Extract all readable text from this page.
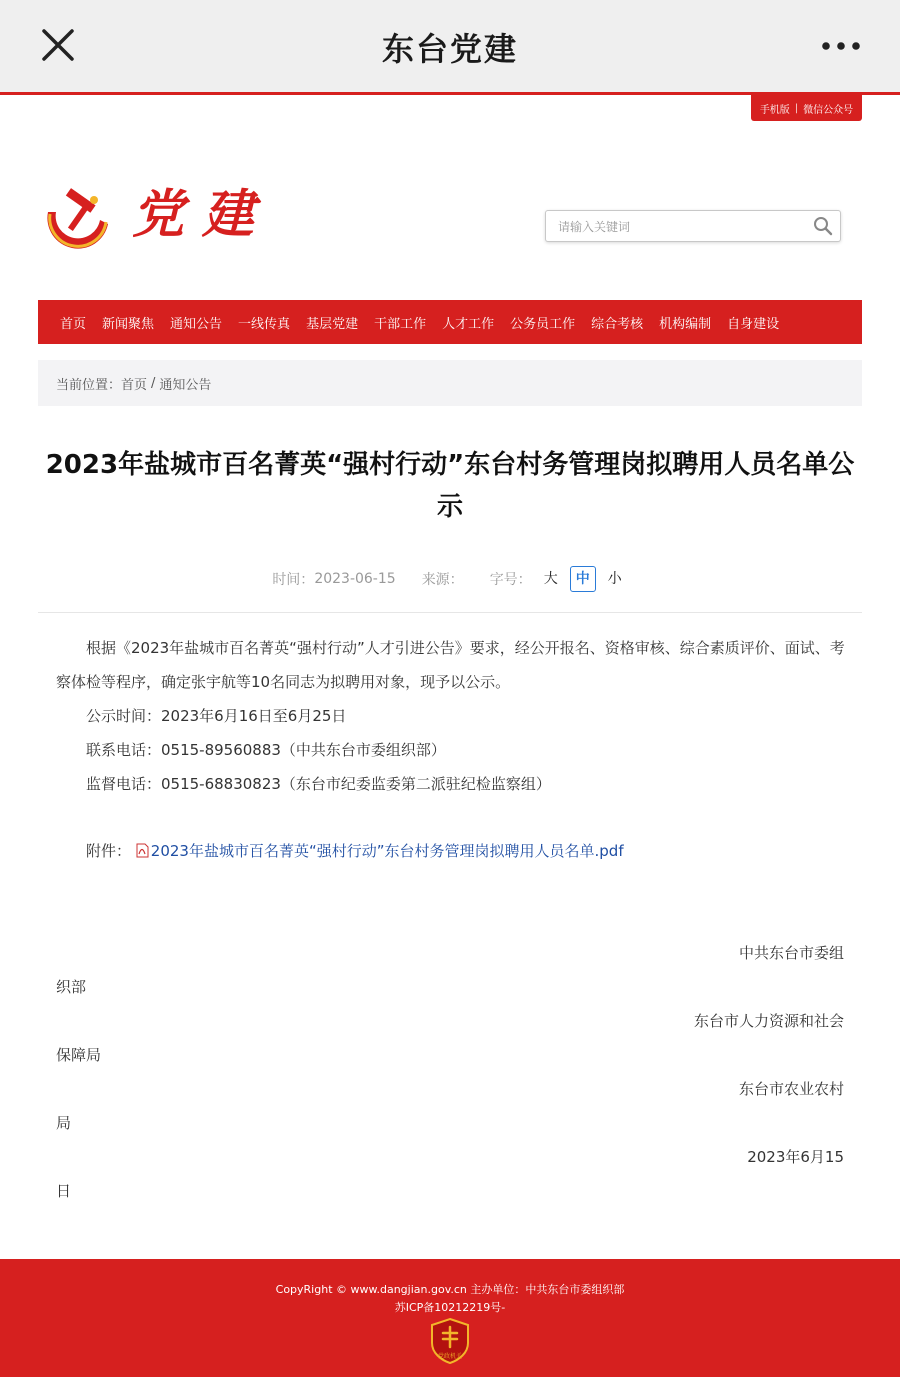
东台党建
手机版 | 微信公众号
党建
请输入关键词
首页 新闻聚焦 通知公告 一线传真 基层党建 干部工作 人才工作 公务员工作 综合考核 机构编制 自身建设
当前位置： 首页 / 通知公告
2023年盐城市百名菁英“强村行动”东台村务管理岗拟聘用人员名单公示
时间： 2023-06-15 来源： 字号： 大	中	小
根据《2023年盐城市百名菁英“强村行动”人才引进公告》要求，经公开报名、资格审核、综合素质评价、面试、考察体检等程序，确定张宇航等10名同志为拟聘用对象，现予以公示。
公示时间：2023年6月16日至6月25日
联系电话：0515-89560883（中共东台市委组织部）
监督电话：0515-68830823（东台市纪委监委第二派驻纪检监察组）
附件： 2023年盐城市百名菁英“强村行动”东台村务管理岗拟聘用人员名单.pdf
中共东台市委组
织部
东台市人力资源和社会
保障局
东台市农业农村
局
2023年6月15
日
CopyRight © www.dangjian.gov.cn 主办单位：中共东台市委组织部
苏ICP备10212219号-
党政机关
